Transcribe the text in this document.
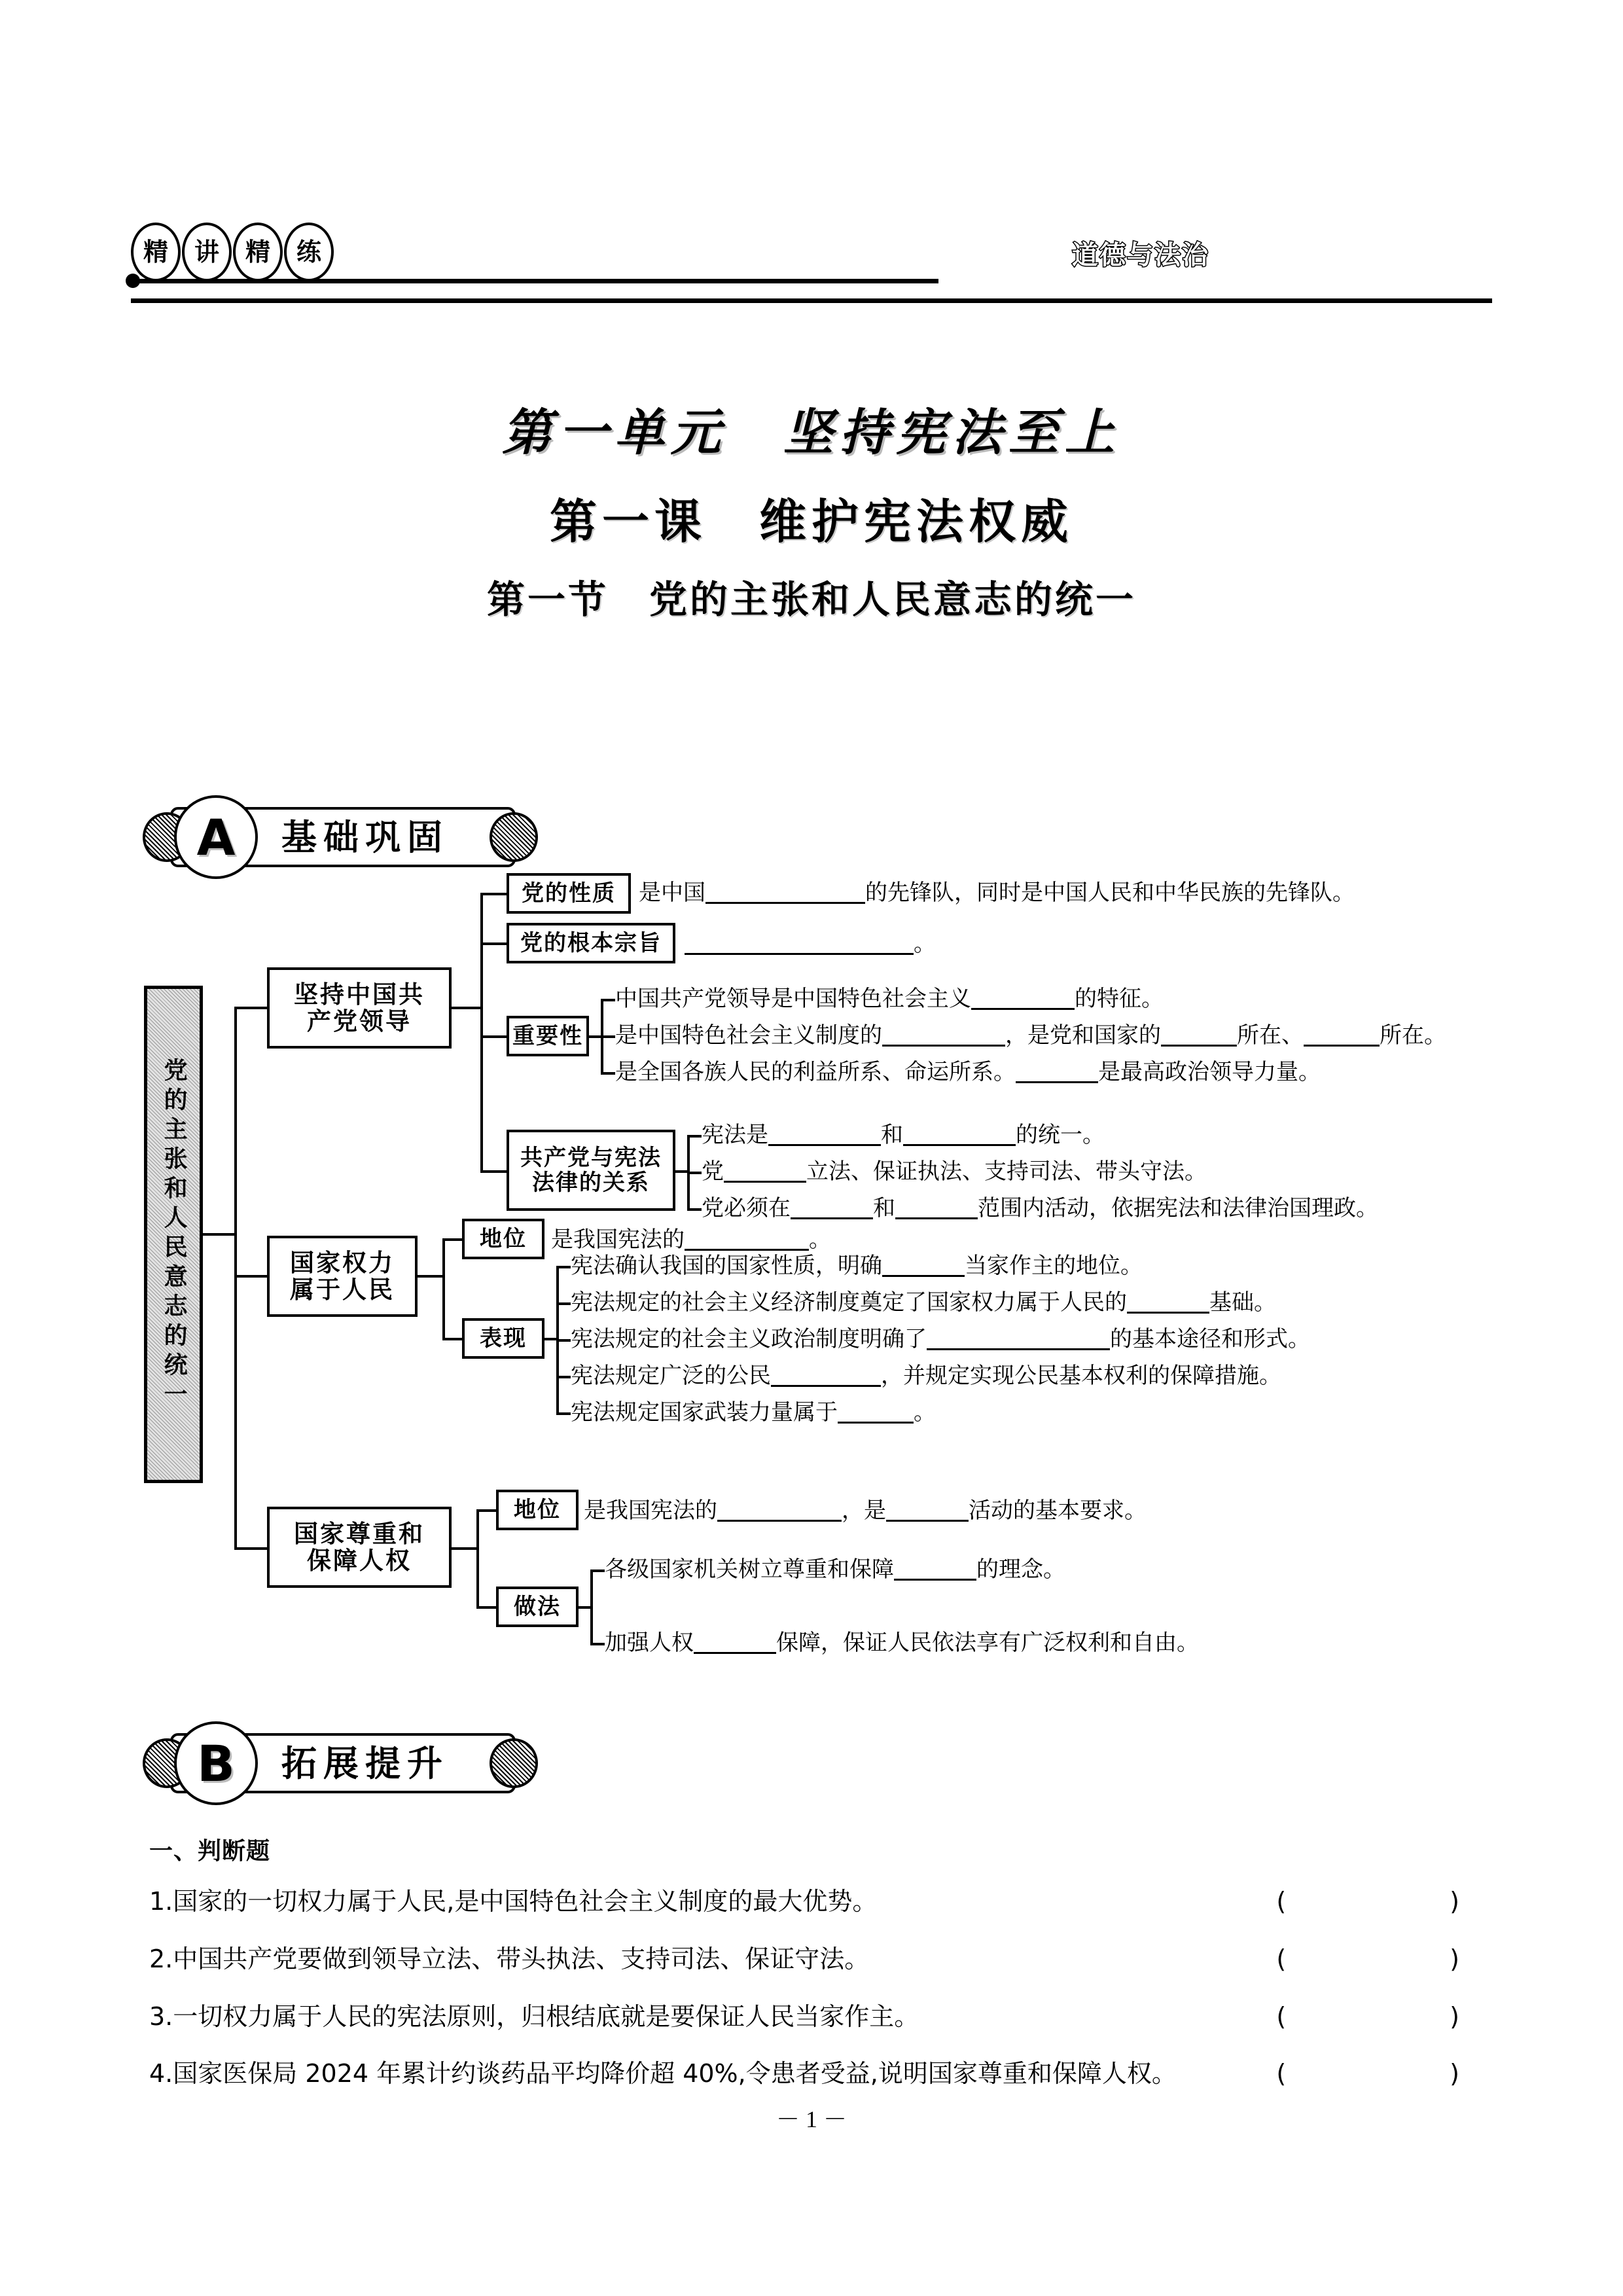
精	讲	精	练	道德与法治
第一单元　坚持宪法至上
第一课　维护宪法权威
第一节　党的主张和人民意志的统一
A	基础巩固
党的主张和人民意志的统一
坚持中国共
产党领导
党的性质	是中国	的先锋队，同时是中国人民和中华民族的先锋队。
党的根本宗旨	。
重要性
中国共产党领导是中国特色社会主义	的特征。
是中国特色社会主义制度的	，是党和国家的	所在、	所在。
是全国各族人民的利益所系、命运所系。	是最高政治领导力量。
共产党与宪法
法律的关系
宪法是	和	的统一。
党	立法、保证执法、支持司法、带头守法。
党必须在	和	范围内活动，依据宪法和法律治国理政。
国家权力
属于人民
地位	是我国宪法的	。
表现
宪法确认我国的国家性质，明确	当家作主的地位。
宪法规定的社会主义经济制度奠定了国家权力属于人民的	基础。
宪法规定的社会主义政治制度明确了	的基本途径和形式。
宪法规定广泛的公民	，并规定实现公民基本权利的保障措施。
宪法规定国家武装力量属于	。
国家尊重和
保障人权
地位	是我国宪法的	，是	活动的基本要求。
做法
各级国家机关树立尊重和保障	的理念。
加强人权	保障，保证人民依法享有广泛权利和自由。
B	拓展提升
一、判断题
1.国家的一切权力属于人民,是中国特色社会主义制度的最大优势。	(　　)
2.中国共产党要做到领导立法、带头执法、支持司法、保证守法。	(　　)
3.一切权力属于人民的宪法原则，归根结底就是要保证人民当家作主。	(　　)
4.国家医保局 2024 年累计约谈药品平均降价超 40%,令患者受益,说明国家尊重和保障人权。	(　　)
－ 1 －
